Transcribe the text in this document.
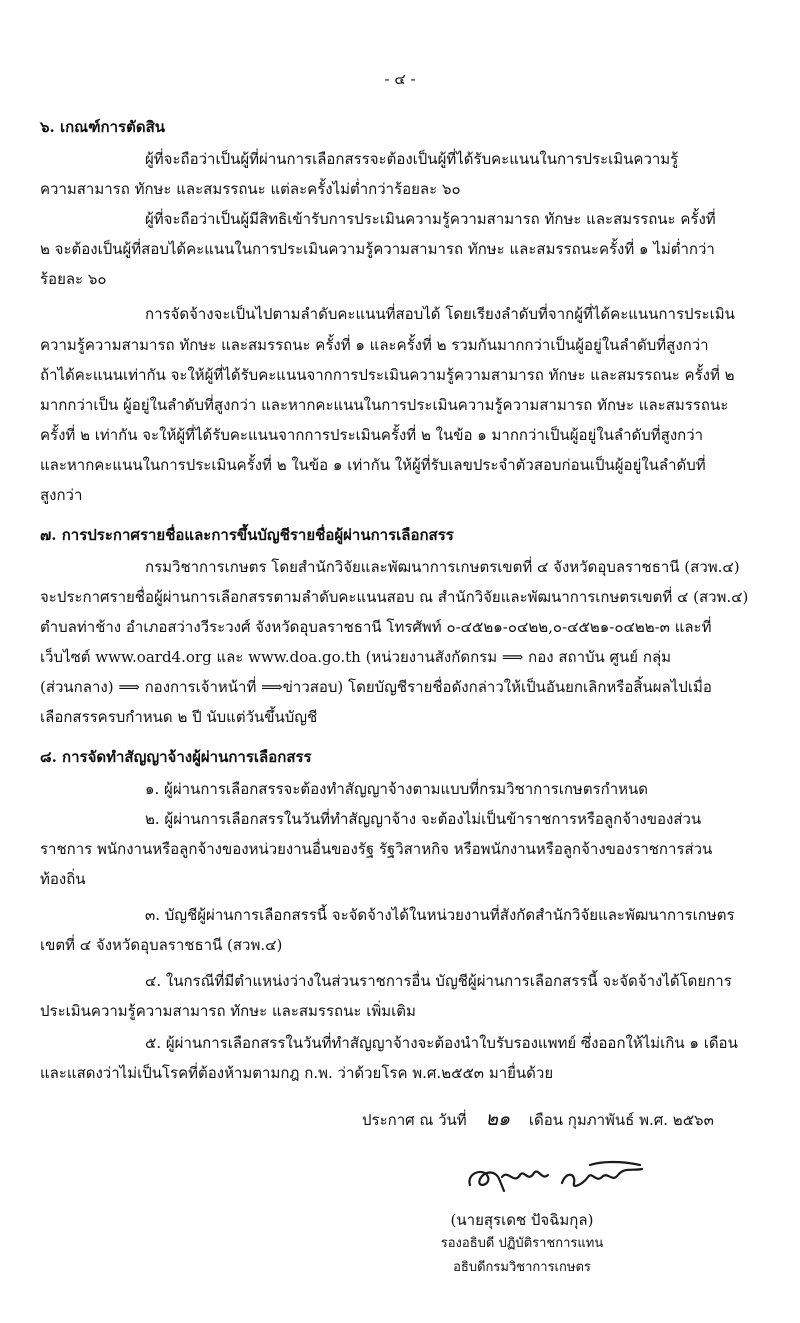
- ๔ -
๖. เกณฑ์การตัดสิน
ผู้ที่จะถือว่าเป็นผู้ที่ผ่านการเลือกสรรจะต้องเป็นผู้ที่ได้รับคะแนนในการประเมินความรู้
ความสามารถ ทักษะ และสมรรถนะ แต่ละครั้งไม่ต่ำกว่าร้อยละ ๖๐
ผู้ที่จะถือว่าเป็นผู้มีสิทธิเข้ารับการประเมินความรู้ความสามารถ ทักษะ และสมรรถนะ ครั้งที่
๒ จะต้องเป็นผู้ที่สอบได้คะแนนในการประเมินความรู้ความสามารถ ทักษะ และสมรรถนะครั้งที่ ๑ ไม่ต่ำกว่า
ร้อยละ ๖๐
การจัดจ้างจะเป็นไปตามลำดับคะแนนที่สอบได้ โดยเรียงลำดับที่จากผู้ที่ได้คะแนนการประเมิน
ความรู้ความสามารถ ทักษะ และสมรรถนะ ครั้งที่ ๑ และครั้งที่ ๒ รวมกันมากกว่าเป็นผู้อยู่ในลำดับที่สูงกว่า
ถ้าได้คะแนนเท่ากัน จะให้ผู้ที่ได้รับคะแนนจากการประเมินความรู้ความสามารถ ทักษะ และสมรรถนะ ครั้งที่ ๒
มากกว่าเป็น ผู้อยู่ในลำดับที่สูงกว่า และหากคะแนนในการประเมินความรู้ความสามารถ ทักษะ และสมรรถนะ
ครั้งที่ ๒ เท่ากัน จะให้ผู้ที่ได้รับคะแนนจากการประเมินครั้งที่ ๒ ในข้อ ๑ มากกว่าเป็นผู้อยู่ในลำดับที่สูงกว่า
และหากคะแนนในการประเมินครั้งที่ ๒ ในข้อ ๑ เท่ากัน ให้ผู้ที่รับเลขประจำตัวสอบก่อนเป็นผู้อยู่ในลำดับที่
สูงกว่า
๗. การประกาศรายชื่อและการขึ้นบัญชีรายชื่อผู้ผ่านการเลือกสรร
กรมวิชาการเกษตร โดยสำนักวิจัยและพัฒนาการเกษตรเขตที่ ๔ จังหวัดอุบลราชธานี (สวพ.๔)
จะประกาศรายชื่อผู้ผ่านการเลือกสรรตามลำดับคะแนนสอบ ณ สำนักวิจัยและพัฒนาการเกษตรเขตที่ ๔ (สวพ.๔)
ตำบลท่าช้าง อำเภอสว่างวีระวงศ์ จังหวัดอุบลราชธานี โทรศัพท์ ๐-๔๕๒๑-๐๔๒๒,๐-๔๕๒๑-๐๔๒๒-๓ และที่
เว็บไซต์ www.oard4.org และ www.doa.go.th (หน่วยงานสังกัดกรม ⟹ กอง สถาบัน ศูนย์ กลุ่ม
(ส่วนกลาง) ⟹ กองการเจ้าหน้าที่ ⟹ข่าวสอบ) โดยบัญชีรายชื่อดังกล่าวให้เป็นอันยกเลิกหรือสิ้นผลไปเมื่อ
เลือกสรรครบกำหนด ๒ ปี นับแต่วันขึ้นบัญชี
๘. การจัดทำสัญญาจ้างผู้ผ่านการเลือกสรร
๑. ผู้ผ่านการเลือกสรรจะต้องทำสัญญาจ้างตามแบบที่กรมวิชาการเกษตรกำหนด
๒. ผู้ผ่านการเลือกสรรในวันที่ทำสัญญาจ้าง จะต้องไม่เป็นข้าราชการหรือลูกจ้างของส่วน
ราชการ พนักงานหรือลูกจ้างของหน่วยงานอื่นของรัฐ รัฐวิสาหกิจ หรือพนักงานหรือลูกจ้างของราชการส่วน
ท้องถิ่น
๓. บัญชีผู้ผ่านการเลือกสรรนี้ จะจัดจ้างได้ในหน่วยงานที่สังกัดสำนักวิจัยและพัฒนาการเกษตร
เขตที่ ๔ จังหวัดอุบลราชธานี (สวพ.๔)
๔. ในกรณีที่มีตำแหน่งว่างในส่วนราชการอื่น บัญชีผู้ผ่านการเลือกสรรนี้ จะจัดจ้างได้โดยการ
ประเมินความรู้ความสามารถ ทักษะ และสมรรถนะ เพิ่มเติม
๕. ผู้ผ่านการเลือกสรรในวันที่ทำสัญญาจ้างจะต้องนำใบรับรองแพทย์ ซึ่งออกให้ไม่เกิน ๑ เดือน
และแสดงว่าไม่เป็นโรคที่ต้องห้ามตามกฎ ก.พ. ว่าด้วยโรค พ.ศ.๒๕๕๓ มายื่นด้วย
ประกาศ ณ วันที่ ๒๑ เดือน กุมภาพันธ์ พ.ศ. ๒๕๖๓
(นายสุรเดช ปัจฉิมกุล)
รองอธิบดี ปฏิบัติราชการแทน
อธิบดีกรมวิชาการเกษตร
